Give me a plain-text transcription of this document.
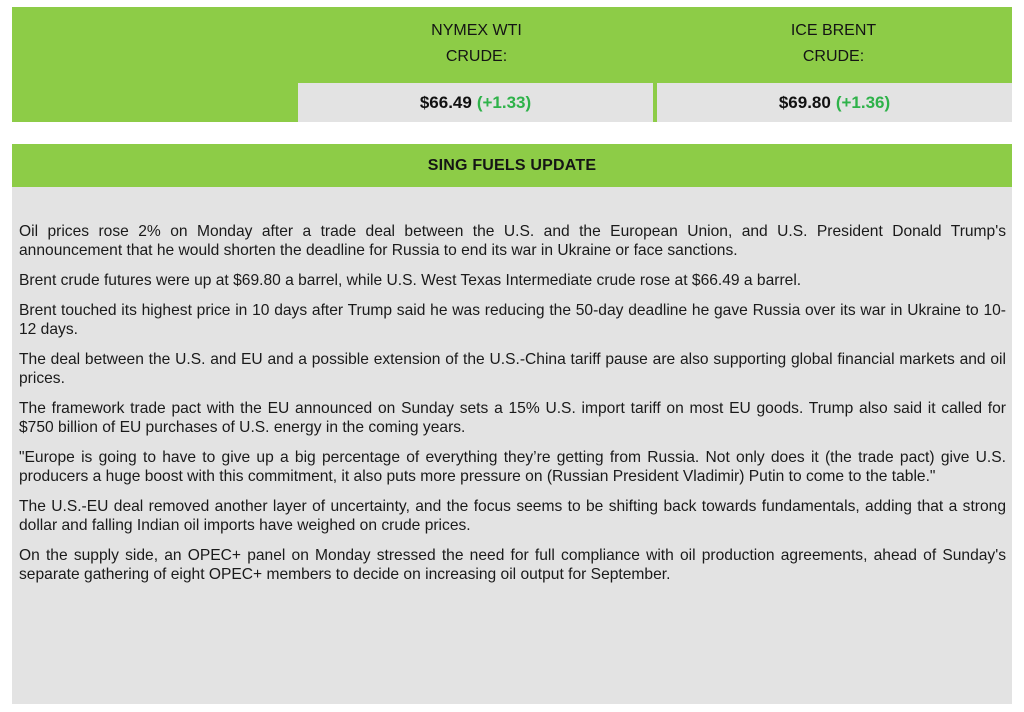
NYMEX WTI
CRUDE:
ICE BRENT
CRUDE:
$66.49 (+1.33)	$69.80 (+1.36)
SING FUELS UPDATE

Oil prices rose 2% on Monday after a trade deal between the U.S. and the European Union, and U.S. President Donald Trump's announcement that he would shorten the deadline for Russia to end its war in Ukraine or face sanctions.

Brent crude futures were up at $69.80 a barrel, while U.S. West Texas Intermediate crude rose at $66.49 a barrel.

Brent touched its highest price in 10 days after Trump said he was reducing the 50-day deadline he gave Russia over its war in Ukraine to 10-12 days.

The deal between the U.S. and EU and a possible extension of the U.S.-China tariff pause are also supporting global financial markets and oil prices.

The framework trade pact with the EU announced on Sunday sets a 15% U.S. import tariff on most EU goods. Trump also said it called for $750 billion of EU purchases of U.S. energy in the coming years.

"Europe is going to have to give up a big percentage of everything they’re getting from Russia. Not only does it (the trade pact) give U.S. producers a huge boost with this commitment, it also puts more pressure on (Russian President Vladimir) Putin to come to the table."

The U.S.-EU deal removed another layer of uncertainty, and the focus seems to be shifting back towards fundamentals, adding that a strong dollar and falling Indian oil imports have weighed on crude prices.

On the supply side, an OPEC+ panel on Monday stressed the need for full compliance with oil production agreements, ahead of Sunday's separate gathering of eight OPEC+ members to decide on increasing oil output for September.
